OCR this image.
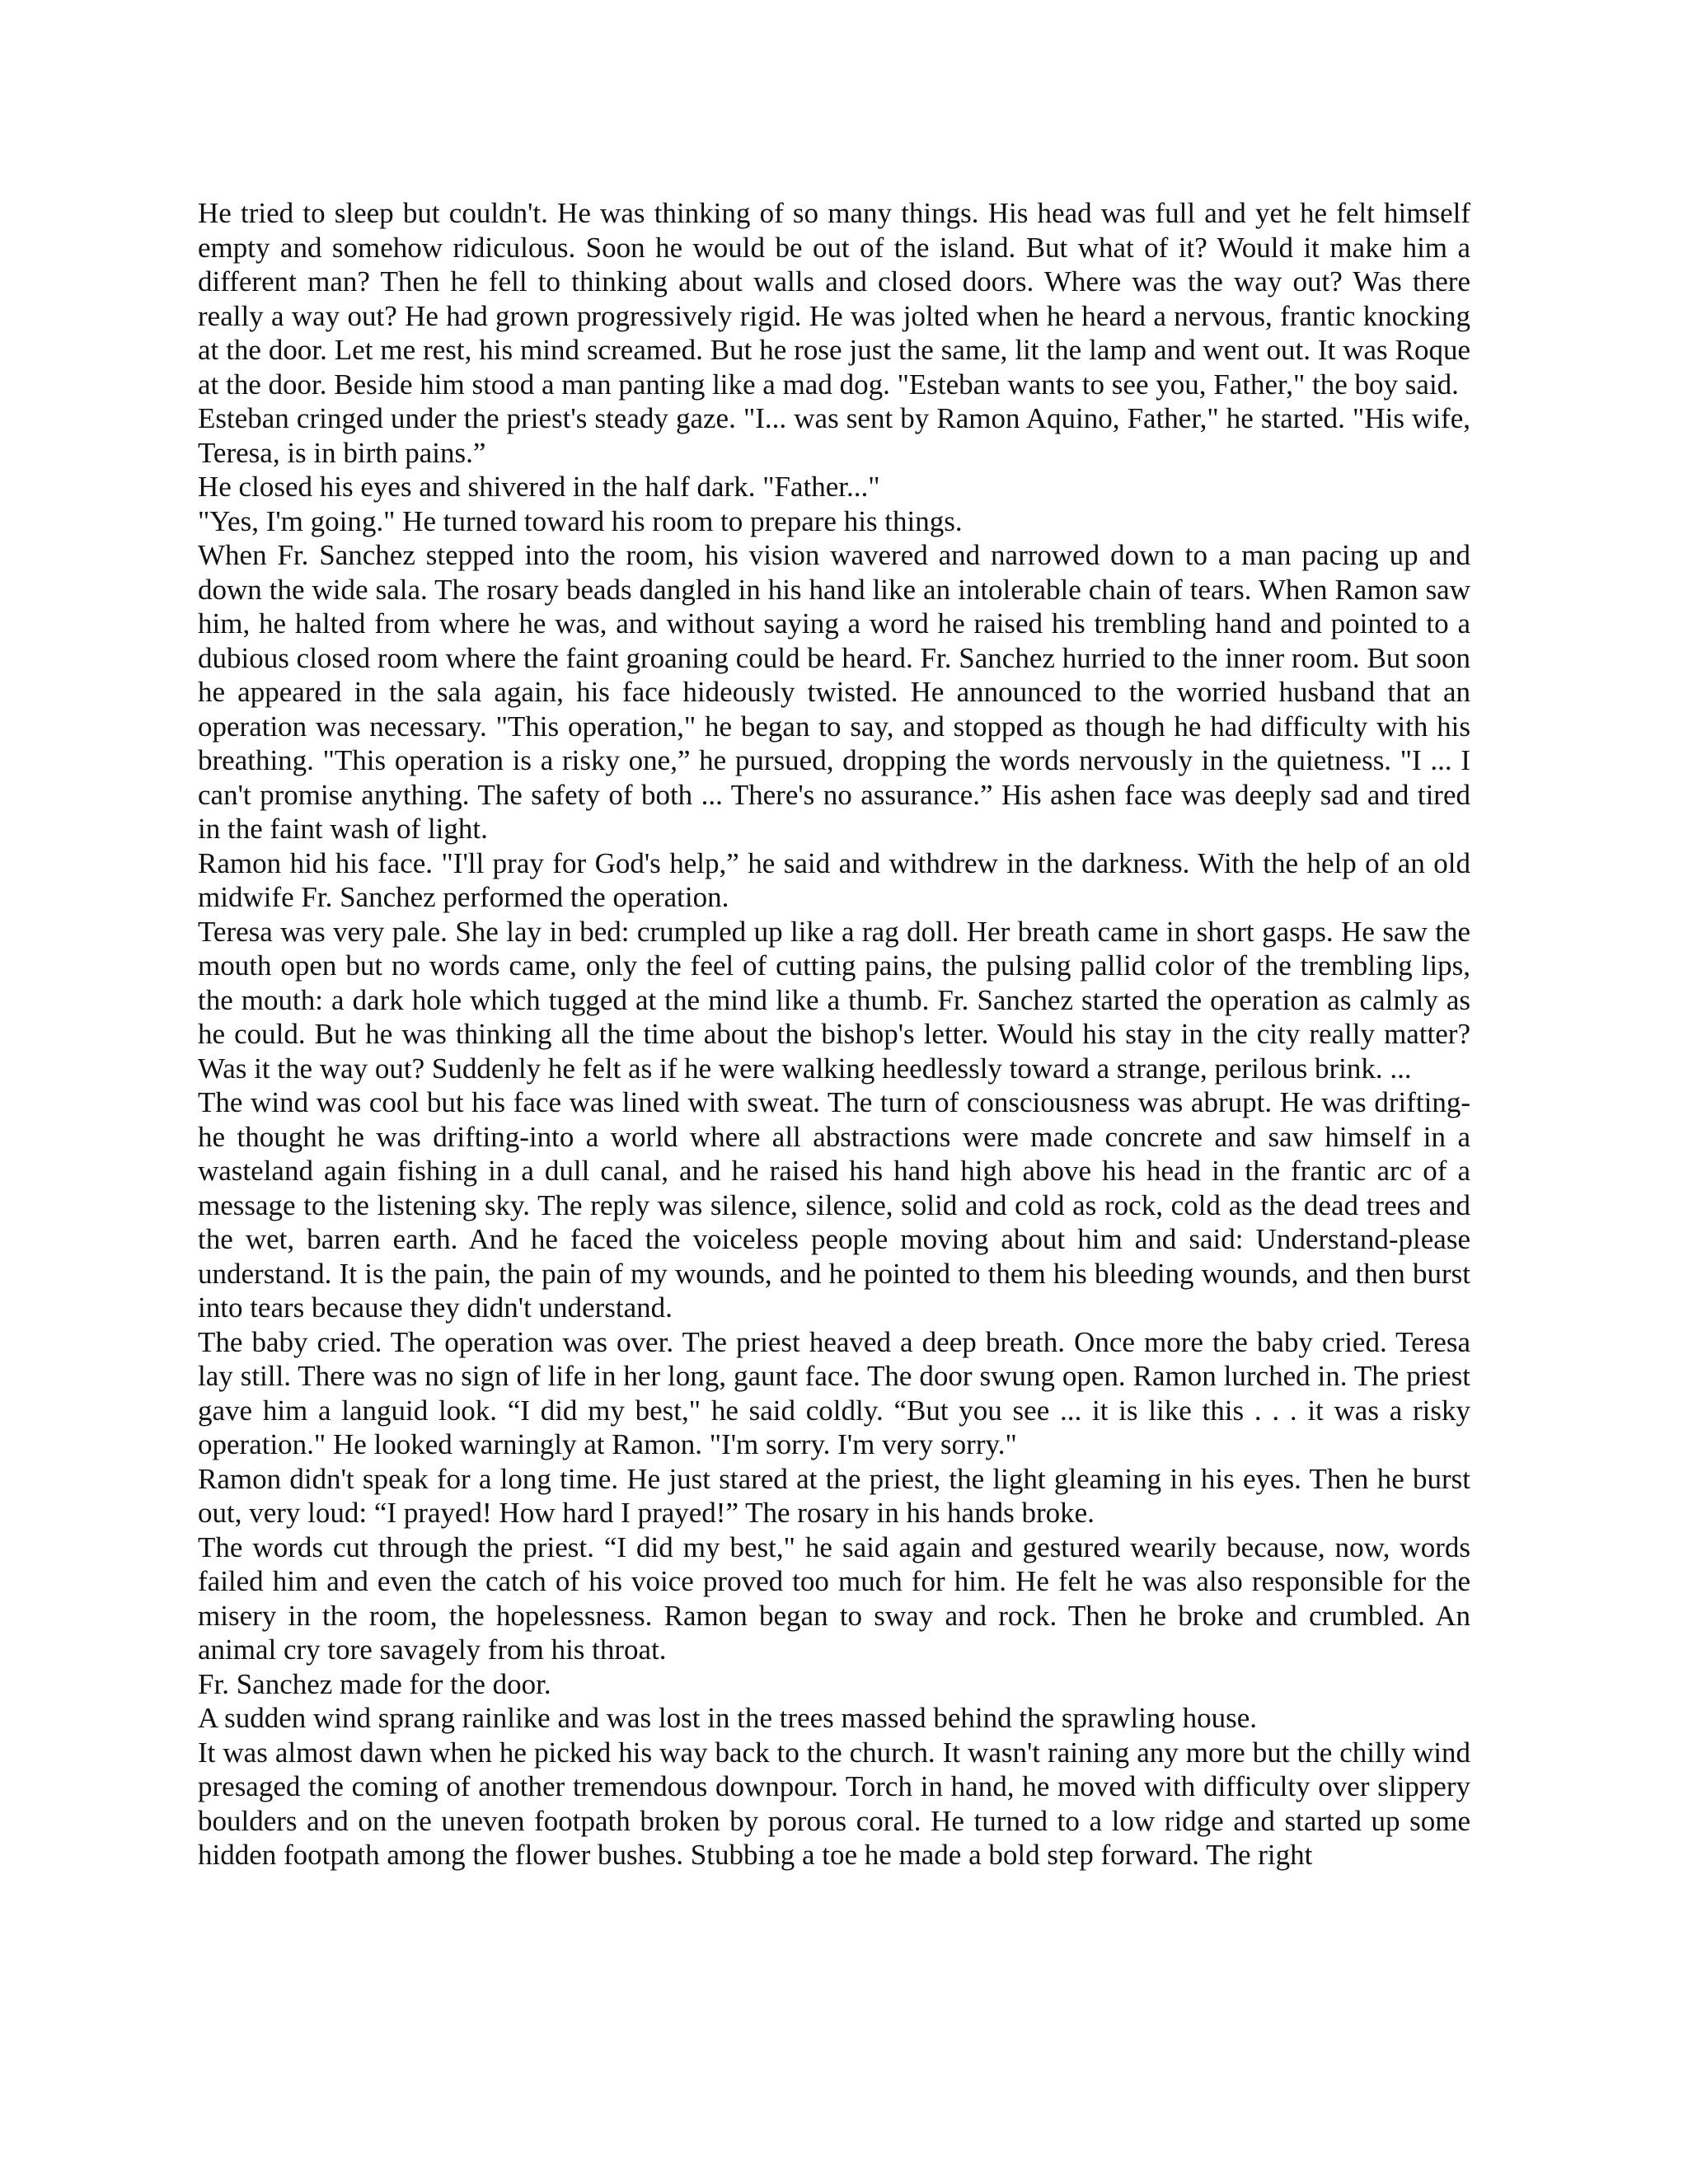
He tried to sleep but couldn't. He was thinking of so many things. His head was full and yet he felt himself empty and somehow ridiculous. Soon he would be out of the island. But what of it? Would it make him a different man? Then he fell to thinking about walls and closed doors. Where was the way out? Was there really a way out? He had grown progressively rigid. He was jolted when he heard a nervous, frantic knocking at the door. Let me rest, his mind screamed. But he rose just the same, lit the lamp and went out. It was Roque at the door. Beside him stood a man panting like a mad dog. "Esteban wants to see you, Father," the boy said.

Esteban cringed under the priest's steady gaze. "I... was sent by Ramon Aquino, Father," he started. "His wife, Teresa, is in birth pains.”

He closed his eyes and shivered in the half dark. "Father..."

"Yes, I'm going." He turned toward his room to prepare his things.

When Fr. Sanchez stepped into the room, his vision wavered and narrowed down to a man pacing up and down the wide sala. The rosary beads dangled in his hand like an intolerable chain of tears. When Ramon saw him, he halted from where he was, and without saying a word he raised his trembling hand and pointed to a dubious closed room where the faint groaning could be heard. Fr. Sanchez hurried to the inner room. But soon he appeared in the sala again, his face hideously twisted. He announced to the worried husband that an operation was necessary. "This operation," he began to say, and stopped as though he had difficulty with his breathing. "This operation is a risky one,” he pursued, dropping the words nervously in the quietness. "I ... I can't promise anything. The safety of both ... There's no assurance.” His ashen face was deeply sad and tired in the faint wash of light.

Ramon hid his face. "I'll pray for God's help,” he said and withdrew in the darkness. With the help of an old midwife Fr. Sanchez performed the operation.

Teresa was very pale. She lay in bed: crumpled up like a rag doll. Her breath came in short gasps. He saw the mouth open but no words came, only the feel of cutting pains, the pulsing pallid color of the trembling lips, the mouth: a dark hole which tugged at the mind like a thumb. Fr. Sanchez started the operation as calmly as he could. But he was thinking all the time about the bishop's letter. Would his stay in the city really matter? Was it the way out? Suddenly he felt as if he were walking heedlessly toward a strange, perilous brink. ...

The wind was cool but his face was lined with sweat. The turn of consciousness was abrupt. He was drifting-he thought he was drifting-into a world where all abstractions were made concrete and saw himself in a wasteland again fishing in a dull canal, and he raised his hand high above his head in the frantic arc of a message to the listening sky. The reply was silence, silence, solid and cold as rock, cold as the dead trees and the wet, barren earth. And he faced the voiceless people moving about him and said: Understand-please understand. It is the pain, the pain of my wounds, and he pointed to them his bleeding wounds, and then burst into tears because they didn't understand.

The baby cried. The operation was over. The priest heaved a deep breath. Once more the baby cried. Teresa lay still. There was no sign of life in her long, gaunt face. The door swung open. Ramon lurched in. The priest gave him a languid look. “I did my best," he said coldly. “But you see ... it is like this . . . it was a risky operation." He looked warningly at Ramon. "I'm sorry. I'm very sorry."

Ramon didn't speak for a long time. He just stared at the priest, the light gleaming in his eyes. Then he burst out, very loud: “I prayed! How hard I prayed!” The rosary in his hands broke.

The words cut through the priest. “I did my best," he said again and gestured wearily because, now, words failed him and even the catch of his voice proved too much for him. He felt he was also responsible for the misery in the room, the hopelessness. Ramon began to sway and rock. Then he broke and crumbled. An animal cry tore savagely from his throat.

Fr. Sanchez made for the door.

A sudden wind sprang rainlike and was lost in the trees massed behind the sprawling house.

It was almost dawn when he picked his way back to the church. It wasn't raining any more but the chilly wind presaged the coming of another tremendous downpour. Torch in hand, he moved with difficulty over slippery boulders and on the uneven footpath broken by porous coral. He turned to a low ridge and started up some hidden footpath among the flower bushes. Stubbing a toe he made a bold step forward. The right
